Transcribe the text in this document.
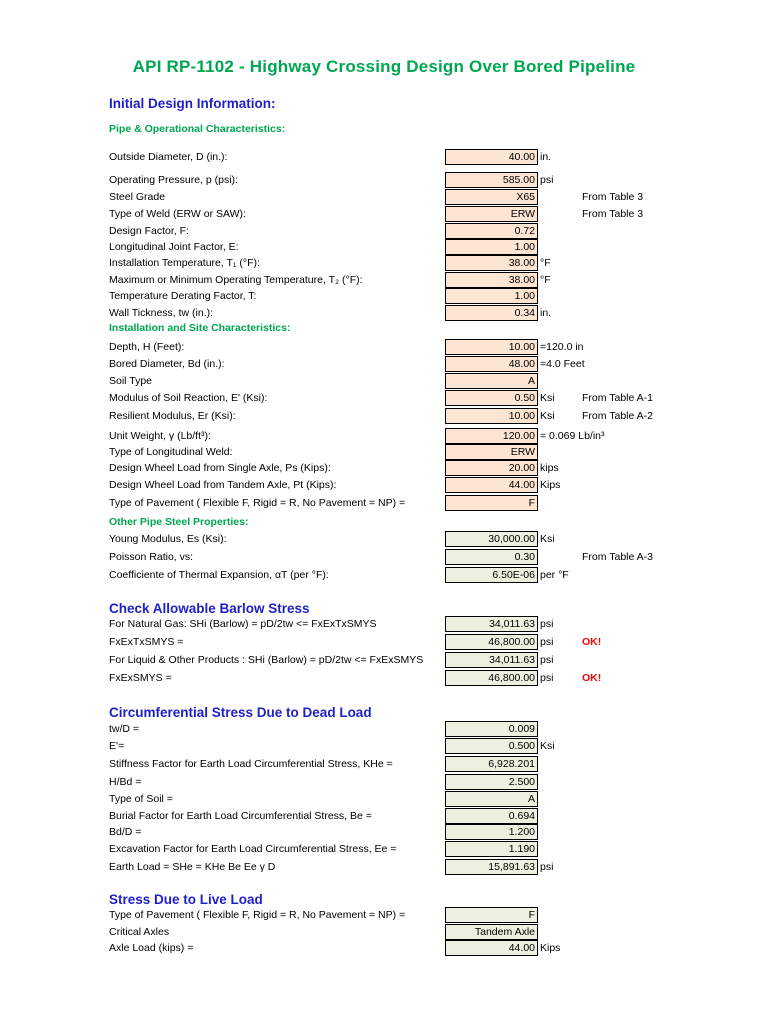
API RP-1102 - Highway Crossing Design Over Bored Pipeline
Initial Design Information:
Pipe & Operational Characteristics:
Installation and Site Characteristics:
Other Pipe Steel Properties:
Check Allowable Barlow Stress
Circumferential Stress Due to Dead Load
Stress Due to Live Load
Outside Diameter, D (in.):	40.00 in.
Operating Pressure, p (psi):	585.00 psi
Steel Grade	X65	From Table 3
Type of Weld (ERW or SAW):	ERW	From Table 3
Design Factor, F:	0.72
Longitudinal Joint Factor, E:	1.00
Installation Temperature, T₁ (°F):	38.00 °F
Maximum or Minimum Operating Temperature, T₂ (°F):	38.00 °F
Temperature Derating Factor, T:	1.00
Wall Tickness, tw (in.):	0.34 in.
Depth, H (Feet):	10.00 =120.0 in
Bored Diameter, Bd (in.):	48.00 =4.0 Feet
Soil Type	A
Modulus of Soil Reaction, E' (Ksi):	0.50 Ksi	From Table A-1
Resilient Modulus, Er (Ksi):	10.00 Ksi	From Table A-2
Unit Weight, γ (Lb/ft³):	120.00 = 0.069 Lb/in³
Type of Longitudinal Weld:	ERW
Design Wheel Load from Single Axle, Ps (Kips):	20.00 kips
Design Wheel Load from Tandem Axle, Pt (Kips):	44.00 Kips
Type of Pavement ( Flexible F, Rigid = R, No Pavement = NP) =	F
Young Modulus, Es (Ksi):	30,000.00 Ksi
Poisson Ratio, vs:	0.30	From Table A-3
Coefficiente of Thermal Expansion, αT (per °F):	6.50E-06 per °F
For Natural Gas: SHi (Barlow) = pD/2tw <= FxExTxSMYS	34,011.63 psi
FxExTxSMYS =	46,800.00 psi	OK!
For Liquid & Other Products : SHi (Barlow) = pD/2tw <= FxExSMYS	34,011.63 psi
FxExSMYS =	46,800.00 psi	OK!
tw/D =	0.009
E'=	0.500 Ksi
Stiffness Factor for Earth Load Circumferential Stress, KHe =	6,928.201
H/Bd =	2.500
Type of Soil =	A
Burial Factor for Earth Load Circumferential Stress, Be =	0.694
Bd/D =	1.200
Excavation Factor for Earth Load Circumferential Stress, Ee =	1.190
Earth Load = SHe = KHe Be Ee γ D	15,891.63 psi
Type of Pavement ( Flexible F, Rigid = R, No Pavement = NP) =	F
Critical Axles	Tandem Axle
Axle Load (kips) =	44.00 Kips
